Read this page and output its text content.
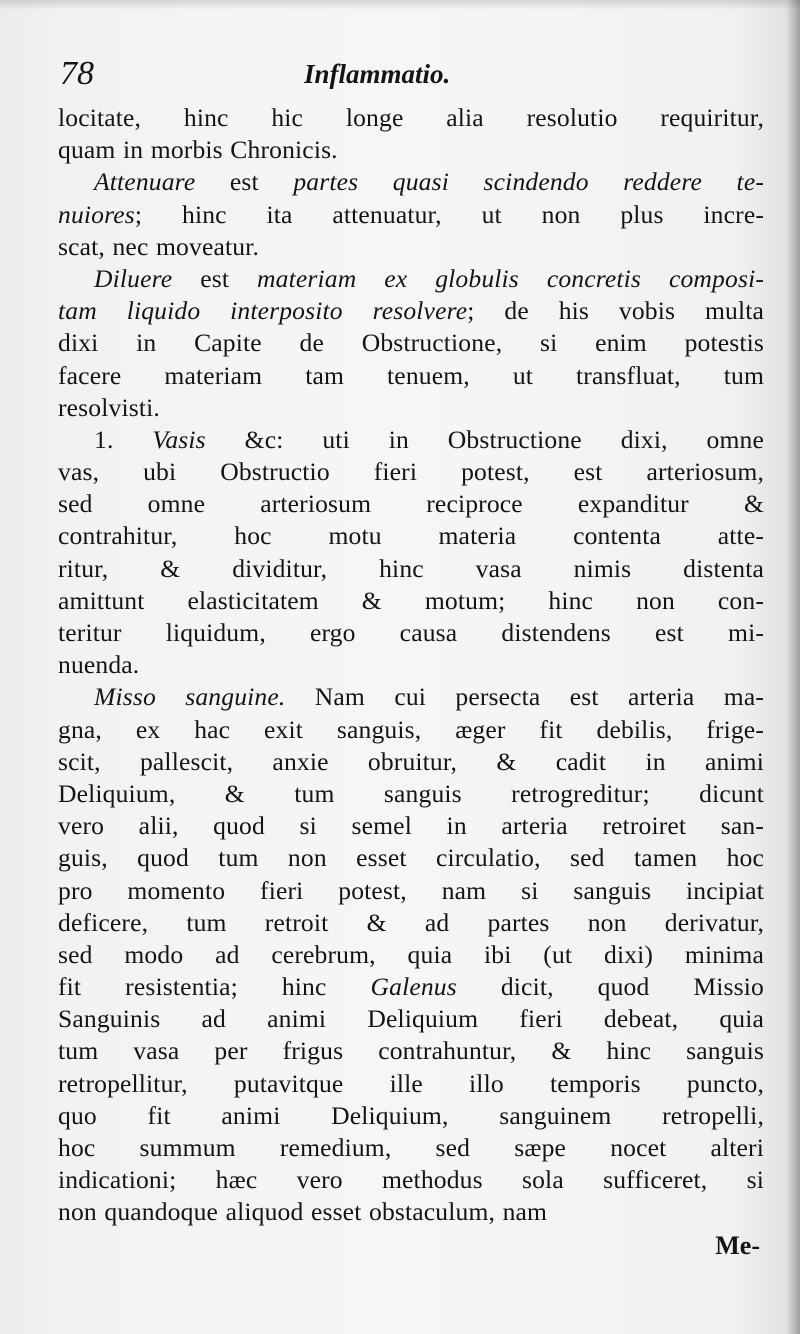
78	Inflammatio.
locitate, hinc hic longe alia resolutio requiritur,
quam in morbis Chronicis.
Attenuare est partes quasi scindendo reddere te-
nuiores; hinc ita attenuatur, ut non plus incre-
scat, nec moveatur.
Diluere est materiam ex globulis concretis composi-
tam liquido interposito resolvere; de his vobis multa
dixi in Capite de Obstructione, si enim potestis
facere materiam tam tenuem, ut transfluat, tum
resolvisti.
1. Vasis &c: uti in Obstructione dixi, omne
vas, ubi Obstructio fieri potest, est arteriosum,
sed omne arteriosum reciproce expanditur &
contrahitur, hoc motu materia contenta atte-
ritur, & dividitur, hinc vasa nimis distenta
amittunt elasticitatem & motum; hinc non con-
teritur liquidum, ergo causa distendens est mi-
nuenda.
Misso sanguine. Nam cui persecta est arteria ma-
gna, ex hac exit sanguis, æger fit debilis, frige-
scit, pallescit, anxie obruitur, & cadit in animi
Deliquium, & tum sanguis retrogreditur; dicunt
vero alii, quod si semel in arteria retroiret san-
guis, quod tum non esset circulatio, sed tamen hoc
pro momento fieri potest, nam si sanguis incipiat
deficere, tum retroit & ad partes non derivatur,
sed modo ad cerebrum, quia ibi (ut dixi) minima
fit resistentia; hinc Galenus dicit, quod Missio
Sanguinis ad animi Deliquium fieri debeat, quia
tum vasa per frigus contrahuntur, & hinc sanguis
retropellitur, putavitque ille illo temporis puncto,
quo fit animi Deliquium, sanguinem retropelli,
hoc summum remedium, sed sæpe nocet alteri
indicationi; hæc vero methodus sola sufficeret, si
non quandoque aliquod esset obstaculum, nam
Me-
